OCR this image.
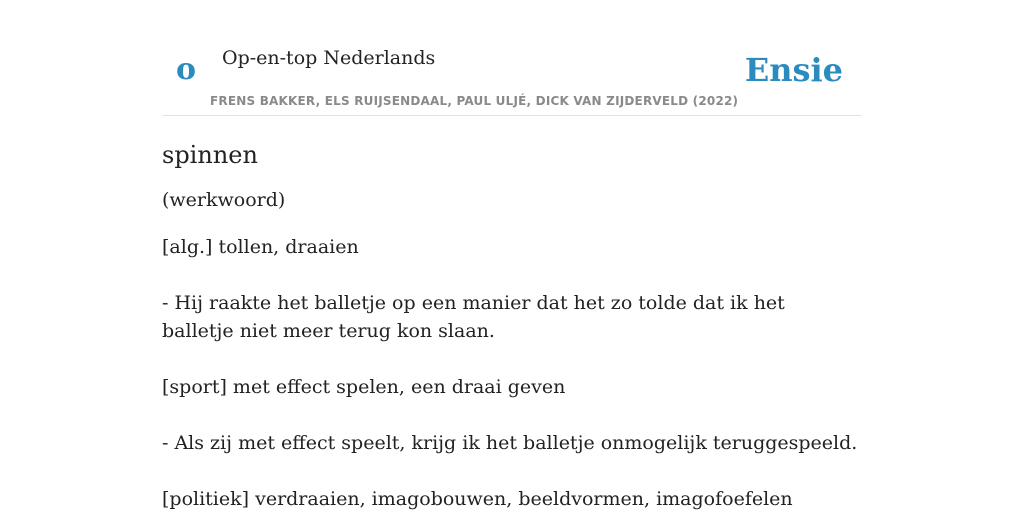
o Op-en-top Nederlands
FRENS BAKKER, ELS RUIJSENDAAL, PAUL ULJÉ, DICK VAN ZIJDERVELD (2022)
Ensie
spinnen
(werkwoord)
[alg.] tollen, draaien
- Hij raakte het balletje op een manier dat het zo tolde dat ik het balletje niet meer terug kon slaan.
[sport] met effect spelen, een draai geven
- Als zij met effect speelt, krijg ik het balletje onmogelijk teruggespeeld.
[politiek] verdraaien, imagobouwen, beeldvormen, imagofoefelen
